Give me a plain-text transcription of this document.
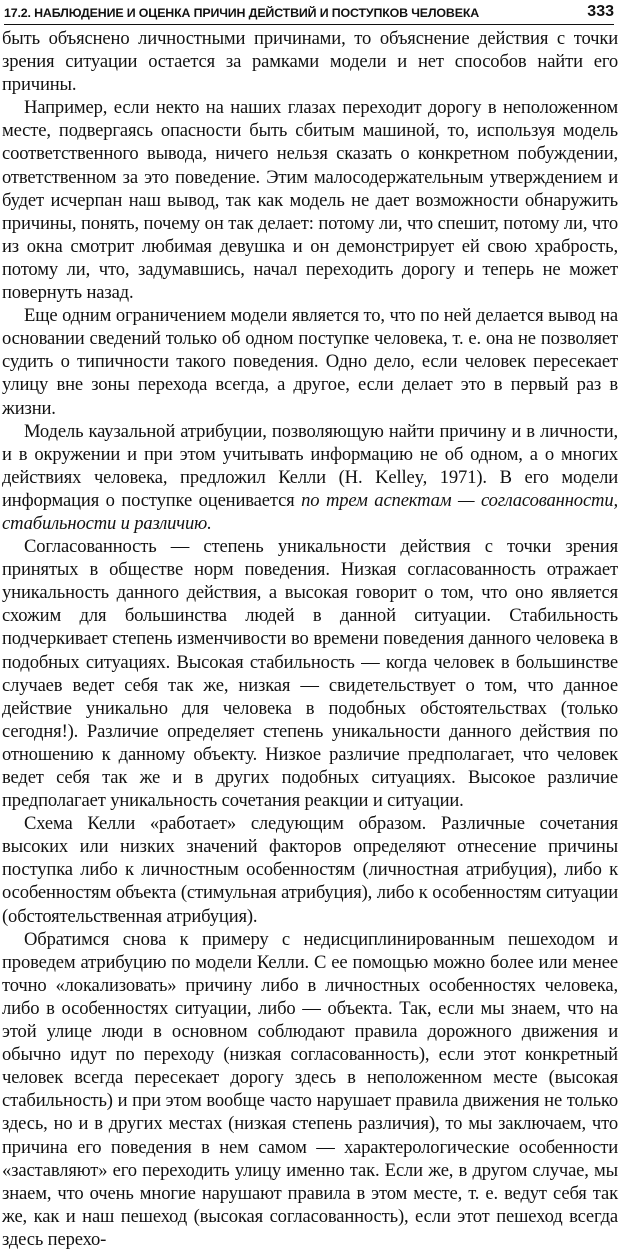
17.2. НАБЛЮДЕНИЕ И ОЦЕНКА ПРИЧИН ДЕЙСТВИЙ И ПОСТУПКОВ ЧЕЛОВЕКА	333

быть объяснено личностными причинами, то объяснение действия с точки зрения ситуации остается за рамками модели и нет способов найти его причины.

Например, если некто на наших глазах переходит дорогу в неположенном месте, подвергаясь опасности быть сбитым машиной, то, используя модель соответственного вывода, ничего нельзя сказать о конкретном побуждении, ответственном за это поведение. Этим малосодержательным утверждением и будет исчерпан наш вывод, так как модель не дает возможности обнаружить причины, понять, почему он так делает: потому ли, что спешит, потому ли, что из окна смотрит любимая девушка и он демонстрирует ей свою храбрость, потому ли, что, задумавшись, начал переходить дорогу и теперь не может повернуть назад.

Еще одним ограничением модели является то, что по ней делается вывод на основании сведений только об одном поступке человека, т. е. она не позволяет судить о типичности такого поведения. Одно дело, если человек пересекает улицу вне зоны перехода всегда, а другое, если делает это в первый раз в жизни.

Модель каузальной атрибуции, позволяющую найти причину и в личности, и в окружении и при этом учитывать информацию не об одном, а о многих действиях человека, предложил Келли (H. Kelley, 1971). В его модели информация о поступке оценивается по трем аспектам — согласованности, стабильности и различию.

Согласованность — степень уникальности действия с точки зрения принятых в обществе норм поведения. Низкая согласованность отражает уникальность данного действия, а высокая говорит о том, что оно является схожим для большинства людей в данной ситуации. Стабильность подчеркивает степень изменчивости во времени поведения данного человека в подобных ситуациях. Высокая стабильность — когда человек в большинстве случаев ведет себя так же, низкая — свидетельствует о том, что данное действие уникально для человека в подобных обстоятельствах (только сегодня!). Различие определяет степень уникальности данного действия по отношению к данному объекту. Низкое различие предполагает, что человек ведет себя так же и в других подобных ситуациях. Высокое различие предполагает уникальность сочетания реакции и ситуации.

Схема Келли «работает» следующим образом. Различные сочетания высоких или низких значений факторов определяют отнесение причины поступка либо к личностным особенностям (личностная атрибуция), либо к особенностям объекта (стимульная атрибуция), либо к особенностям ситуации (обстоятельственная атрибуция).

Обратимся снова к примеру с недисциплинированным пешеходом и проведем атрибуцию по модели Келли. С ее помощью можно более или менее точно «локализовать» причину либо в личностных особенностях человека, либо в особенностях ситуации, либо — объекта. Так, если мы знаем, что на этой улице люди в основном соблюдают правила дорожного движения и обычно идут по переходу (низкая согласованность), если этот конкретный человек всегда пересекает дорогу здесь в неположенном месте (высокая стабильность) и при этом вообще часто нарушает правила движения не только здесь, но и в других местах (низкая степень различия), то мы заключаем, что причина его поведения в нем самом — характерологические особенности «заставляют» его переходить улицу именно так. Если же, в другом случае, мы знаем, что очень многие нарушают правила в этом месте, т. е. ведут себя так же, как и наш пешеход (высокая согласованность), если этот пешеход всегда здесь перехо-
